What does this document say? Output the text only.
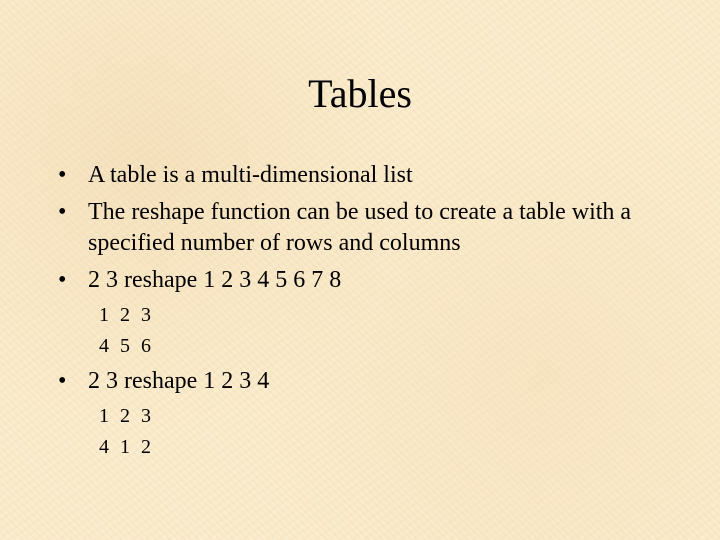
Tables
• A table is a multi-dimensional list
• The reshape function can be used to create a table with a specified number of rows and columns
• 2 3 reshape 1 2 3 4 5 6 7 8
1 2 3
4 5 6
• 2 3 reshape 1 2 3 4
1 2 3
4 1 2
